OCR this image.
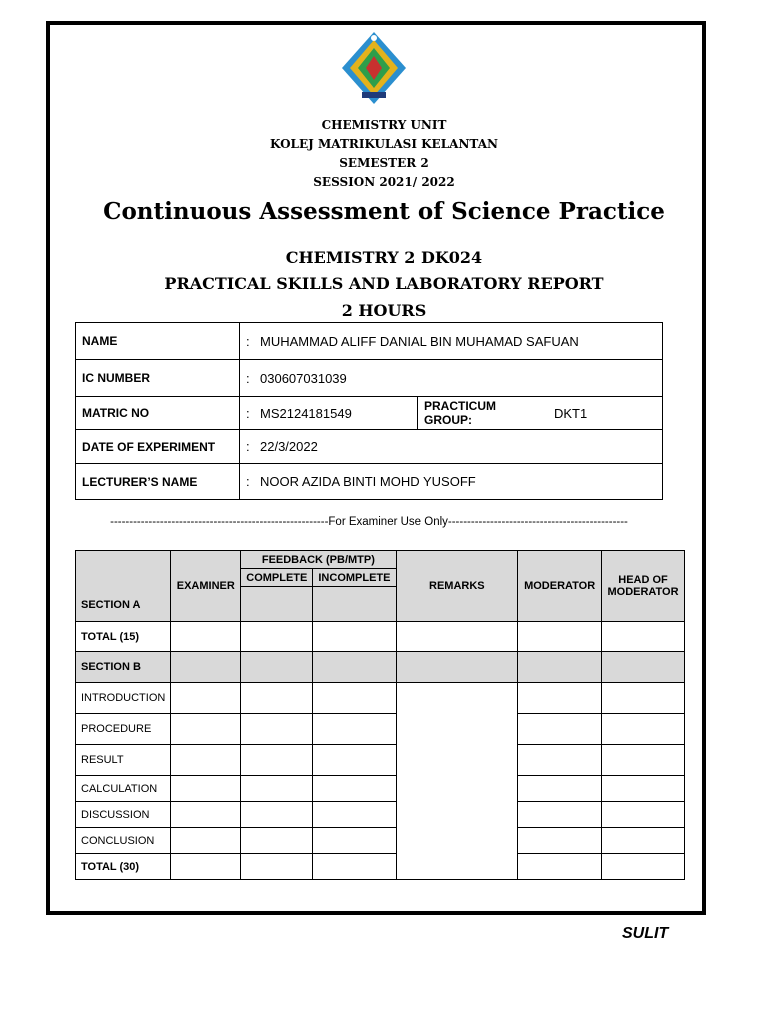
CHEMISTRY UNIT
KOLEJ MATRIKULASI KELANTAN
SEMESTER 2
SESSION 2021/ 2022
Continuous Assessment of Science Practice
CHEMISTRY 2 DK024
PRACTICAL SKILLS AND LABORATORY REPORT
2 HOURS
NAME	: MUHAMMAD ALIFF DANIAL BIN MUHAMAD SAFUAN		
IC NUMBER	: 030607031039		
MATRIC NO	: MS2124181549	PRACTICUM GROUP:	DKT1
DATE OF EXPERIMENT	: 22/3/2022		
LECTURER’S NAME	: NOOR AZIDA BINTI MOHD YUSOFF		
---------------------------------------------------------For Examiner Use Only-----------------------------------------------
SECTION A	EXAMINER	FEEDBACK (PB/MTP)		REMARKS	MODERATOR	HEAD OF MODERATOR
		COMPLETE	INCOMPLETE			

TOTAL (15)						
SECTION B						
INTRODUCTION						
PROCEDURE						
RESULT						
CALCULATION						
DISCUSSION						
CONCLUSION						
TOTAL (30)						
SULIT
